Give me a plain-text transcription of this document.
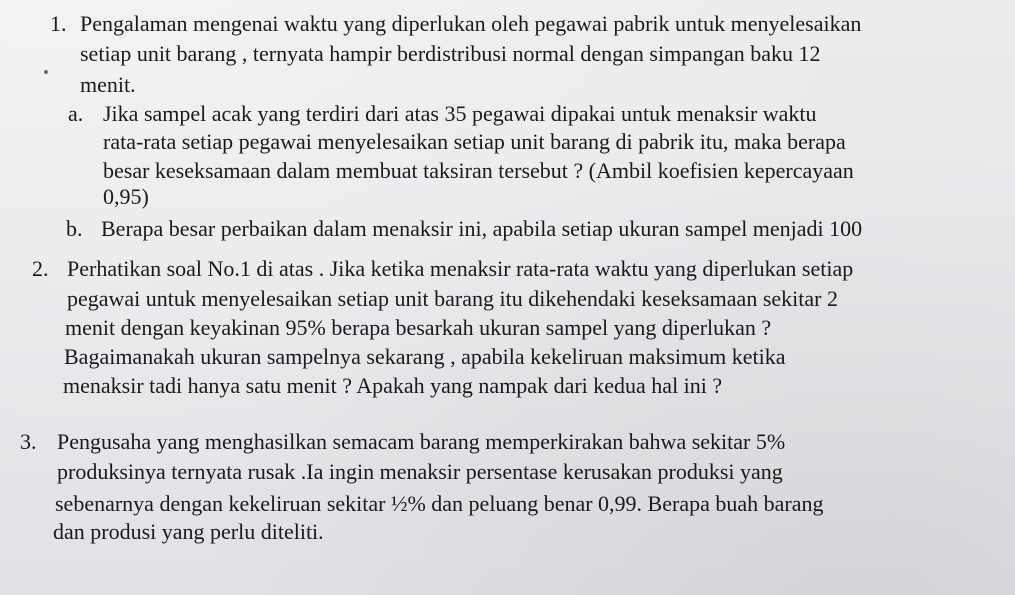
1. Pengalaman mengenai waktu yang diperlukan oleh pegawai pabrik untuk menyelesaikan
setiap unit barang , ternyata hampir berdistribusi normal dengan simpangan baku 12
menit.
a. Jika sampel acak yang terdiri dari atas 35 pegawai dipakai untuk menaksir waktu
rata-rata setiap pegawai menyelesaikan setiap unit barang di pabrik itu, maka berapa
besar keseksamaan dalam membuat taksiran tersebut ? (Ambil koefisien kepercayaan
0,95)
b. Berapa besar perbaikan dalam menaksir ini, apabila setiap ukuran sampel menjadi 100
2. Perhatikan soal No.1 di atas . Jika ketika menaksir rata-rata waktu yang diperlukan setiap
pegawai untuk menyelesaikan setiap unit barang itu dikehendaki keseksamaan sekitar 2
menit dengan keyakinan 95% berapa besarkah ukuran sampel yang diperlukan ?
Bagaimanakah ukuran sampelnya sekarang , apabila kekeliruan maksimum ketika
menaksir tadi hanya satu menit ? Apakah yang nampak dari kedua hal ini ?
3. Pengusaha yang menghasilkan semacam barang memperkirakan bahwa sekitar 5%
produksinya ternyata rusak .Ia ingin menaksir persentase kerusakan produksi yang
sebenarnya dengan kekeliruan sekitar ½% dan peluang benar 0,99. Berapa buah barang
dan produsi yang perlu diteliti.
